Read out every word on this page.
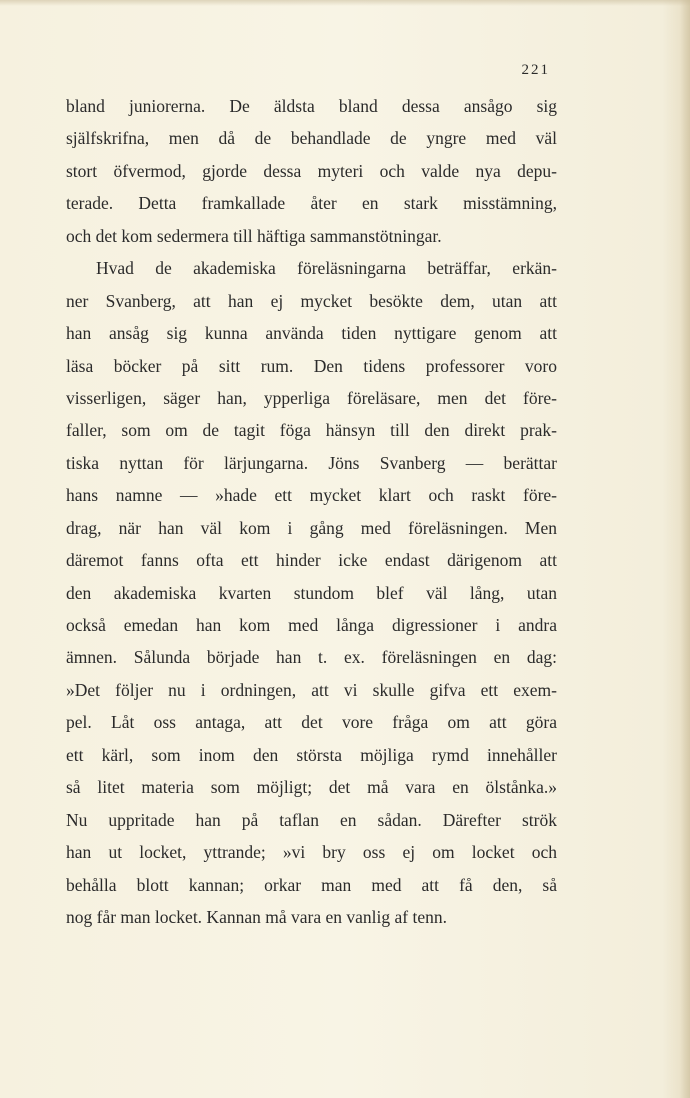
221
bland juniorerna. De äldsta bland dessa ansågo sig
själfskrifna, men då de behandlade de yngre med väl
stort öfvermod, gjorde dessa myteri och valde nya depu-
terade. Detta framkallade åter en stark misstämning,
och det kom sedermera till häftiga sammanstötningar.
Hvad de akademiska föreläsningarna beträffar, erkän-
ner Svanberg, att han ej mycket besökte dem, utan att
han ansåg sig kunna använda tiden nyttigare genom att
läsa böcker på sitt rum. Den tidens professorer voro
visserligen, säger han, ypperliga föreläsare, men det före-
faller, som om de tagit föga hänsyn till den direkt prak-
tiska nyttan för lärjungarna. Jöns Svanberg — berättar
hans namne — »hade ett mycket klart och raskt före-
drag, när han väl kom i gång med föreläsningen. Men
däremot fanns ofta ett hinder icke endast därigenom att
den akademiska kvarten stundom blef väl lång, utan
också emedan han kom med långa digressioner i andra
ämnen. Sålunda började han t. ex. föreläsningen en dag:
»Det följer nu i ordningen, att vi skulle gifva ett exem-
pel. Låt oss antaga, att det vore fråga om att göra
ett kärl, som inom den största möjliga rymd innehåller
så litet materia som möjligt; det må vara en ölstånka.»
Nu uppritade han på taflan en sådan. Därefter strök
han ut locket, yttrande; »vi bry oss ej om locket och
behålla blott kannan; orkar man med att få den, så
nog får man locket. Kannan må vara en vanlig af tenn.
